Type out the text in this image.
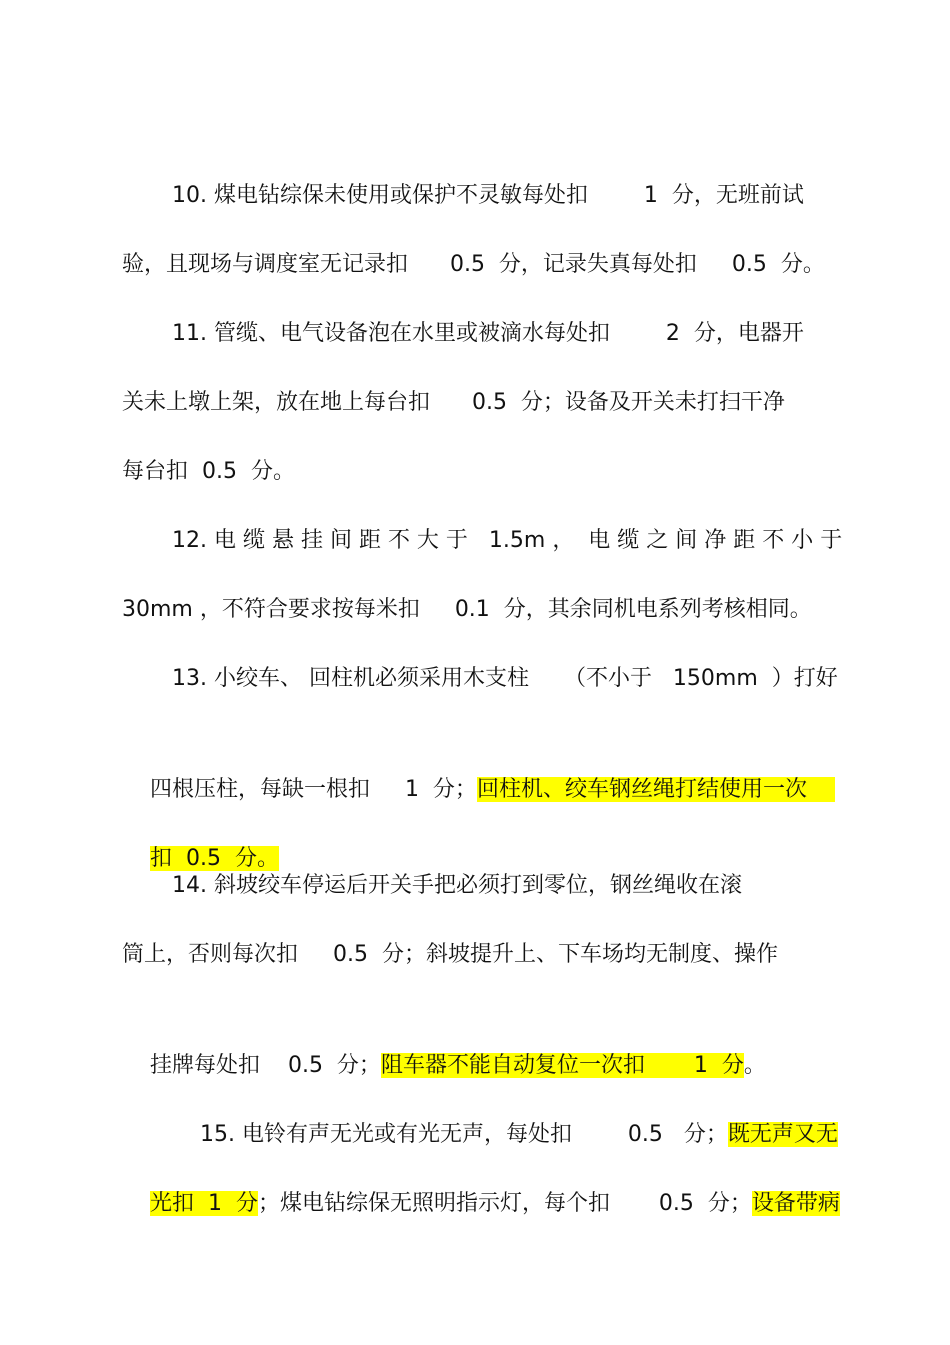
10. 煤电钻综保未使用或保护不灵敏每处扣        1  分，无班前试
验，且现场与调度室无记录扣      0.5  分，记录失真每处扣     0.5  分。
11. 管缆、电气设备泡在水里或被滴水每处扣        2  分，电器开
关未上墩上架，放在地上每台扣      0.5  分；设备及开关未打扫干净
每台扣  0.5  分。
12. 电 缆 悬 挂 间 距 不 大 于   1.5m ，  电 缆 之 间 净 距 不 小 于
30mm ，不符合要求按每米扣     0.1  分，其余同机电系列考核相同。
13. 小绞车、 回柱机必须采用木支柱     （不小于   150mm  ）打好

四根压柱，每缺一根扣     1  分；回柱机、绞车钢丝绳打结使用一次

扣  0.5  分。

14. 斜坡绞车停运后开关手把必须打到零位，钢丝绳收在滚
筒上，否则每次扣     0.5  分；斜坡提升上、下车场均无制度、操作

挂牌每处扣    0.5  分；阻车器不能自动复位一次扣       1  分。

15. 电铃有声无光或有光无声，每处扣        0.5   分；既无声又无

光扣  1  分；煤电钻综保无照明指示灯，每个扣       0.5  分；设备带病
